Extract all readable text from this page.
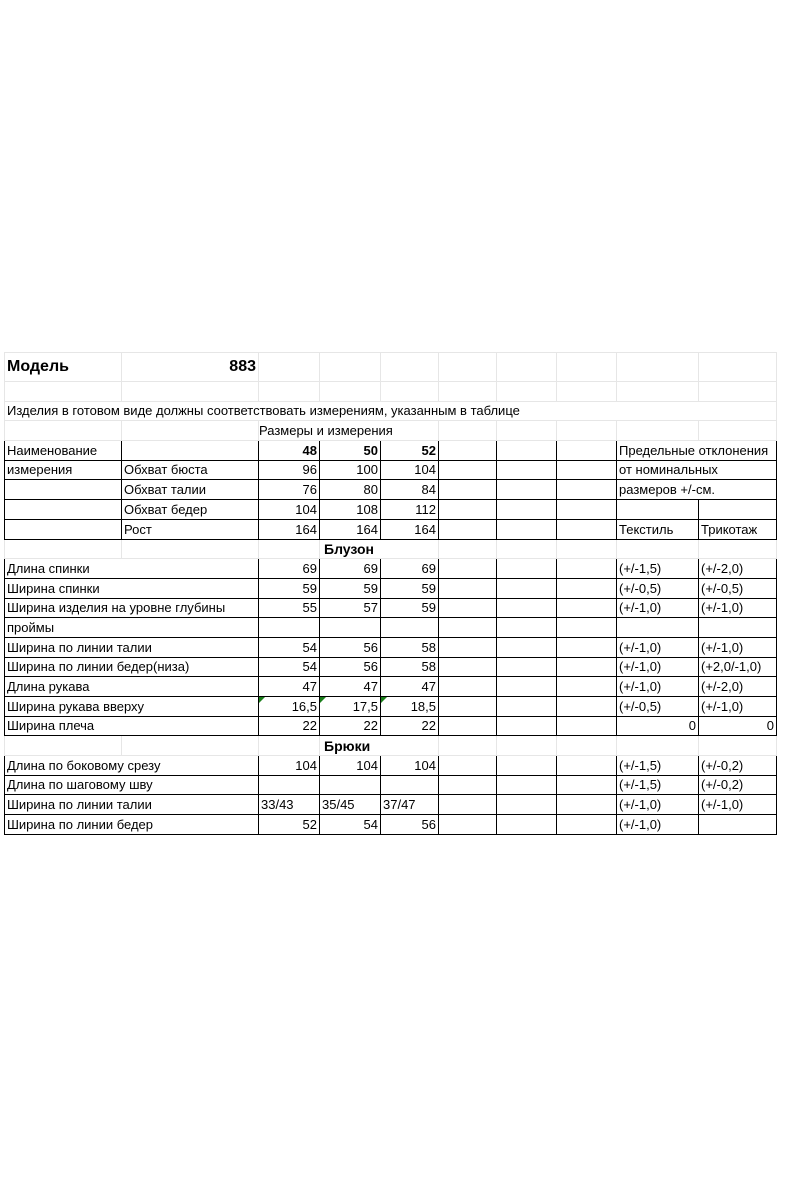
Модель	883								

Изделия в готовом виде должны соответствовать измерениям, указанным в таблице									
		Размеры и измерения							
Наименование		48	50	52				Предельные отклонения	
измерения	Обхват бюста	96	100	104				от номинальных	
	Обхват талии	76	80	84				размеров +/-см.	
	Обхват бедер	104	108	112					
	Рост	164	164	164				Текстиль	Трикотаж
			Блузон						
Длина спинки		69	69	69				(+/-1,5)	(+/-2,0)
Ширина спинки		59	59	59				(+/-0,5)	(+/-0,5)
Ширина изделия на уровне глубины		55	57	59				(+/-1,0)	(+/-1,0)
проймы									
Ширина по линии талии		54	56	58				(+/-1,0)	(+/-1,0)
Ширина по линии бедер(низа)		54	56	58				(+/-1,0)	(+2,0/-1,0)
Длина рукава		47	47	47				(+/-1,0)	(+/-2,0)
Ширина рукава вверху		16,5	17,5	18,5				(+/-0,5)	(+/-1,0)
Ширина плеча		22	22	22				0	0
			Брюки						
Длина по боковому срезу		104	104	104				(+/-1,5)	(+/-0,2)
Длина по шаговому шву								(+/-1,5)	(+/-0,2)
Ширина по линии талии		33/43	35/45	37/47				(+/-1,0)	(+/-1,0)
Ширина по линии бедер		52	54	56				(+/-1,0)	
